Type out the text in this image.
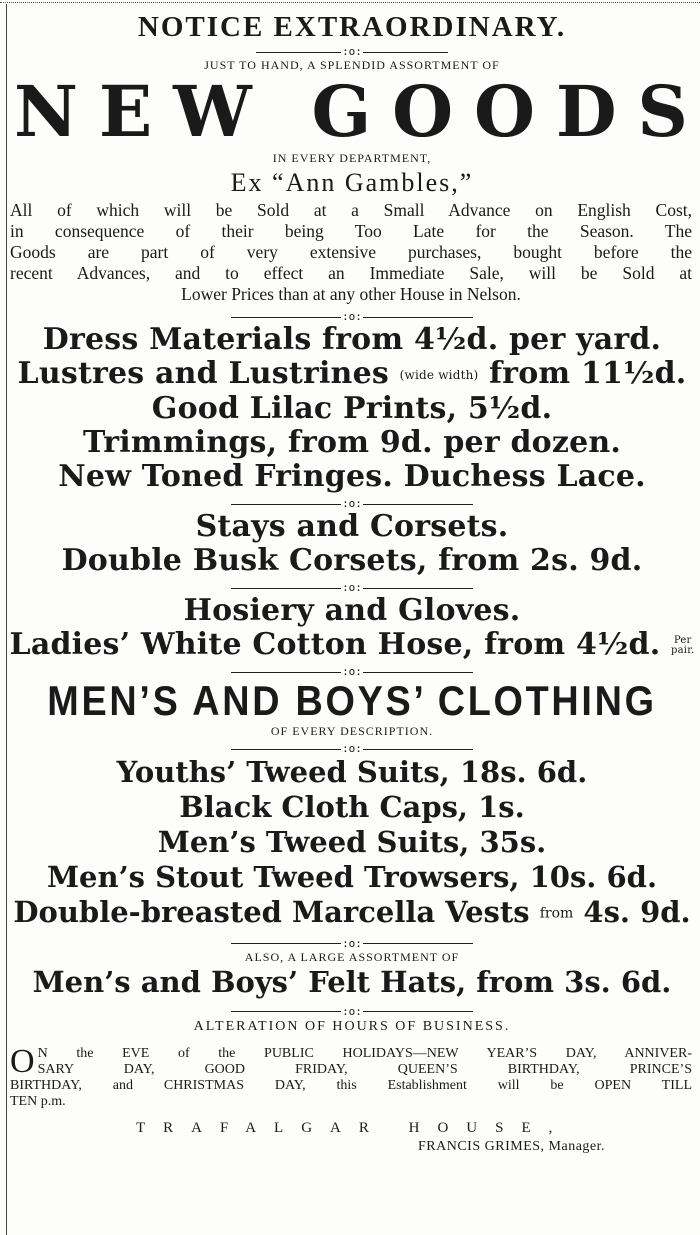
NOTICE EXTRAORDINARY.
:o:
JUST TO HAND, A SPLENDID ASSORTMENT OF
N E W G O O D S
IN EVERY DEPARTMENT,
Ex “Ann Gambles,”
All of which will be Sold at a Small Advance on English Cost,
in consequence of their being Too Late for the Season. The
Goods are part of very extensive purchases, bought before the
recent Advances, and to effect an Immediate Sale, will be Sold at
Lower Prices than at any other House in Nelson.
:o:
Dress Materials from 4½d. per yard.
Lustres and Lustrines (wide width) from 11½d.
Good Lilac Prints, 5½d.
Trimmings, from 9d. per dozen.
New Toned Fringes. Duchess Lace.
:o:
Stays and Corsets.
Double Busk Corsets, from 2s. 9d.
:o:
Hosiery and Gloves.
Ladies’ White Cotton Hose, from 4½d. Per
pair.
:o:
MEN’S AND BOYS’ CLOTHING
OF EVERY DESCRIPTION.
:o:
Youths’ Tweed Suits, 18s. 6d.
Black Cloth Caps, 1s.
Men’s Tweed Suits, 35s.
Men’s Stout Tweed Trowsers, 10s. 6d.
Double-breasted Marcella Vests from 4s. 9d.
:o:
ALSO, A LARGE ASSORTMENT OF
Men’s and Boys’ Felt Hats, from 3s. 6d.
:o:
ALTERATION OF HOURS OF BUSINESS.
O N the EVE of the PUBLIC HOLIDAYS—NEW YEAR’S DAY, ANNIVER-
SARY DAY, GOOD FRIDAY, QUEEN’S BIRTHDAY, PRINCE’S
BIRTHDAY, and CHRISTMAS DAY, this Establishment will be OPEN TILL
TEN p.m.
TRAFALGAR HOUSE,
FRANCIS GRIMES, Manager.
